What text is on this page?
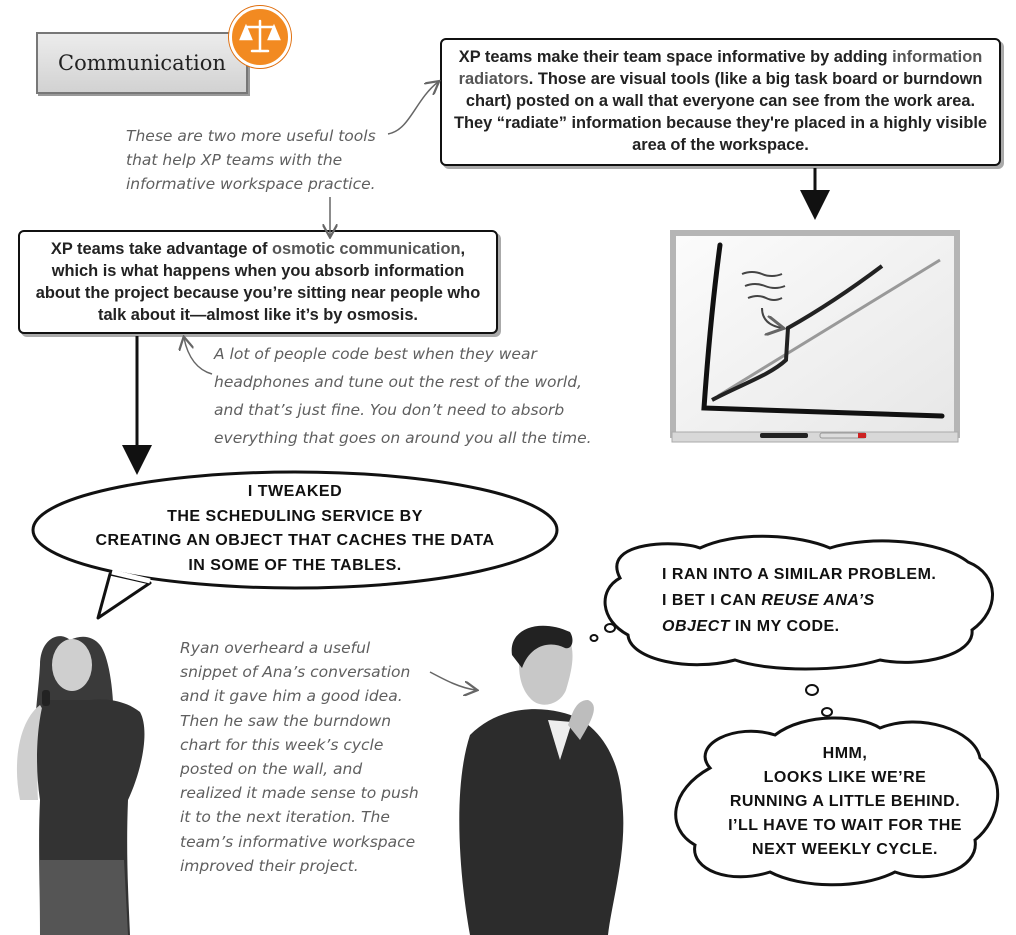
Communication	XP teams make their team space informative by adding information radiators. Those are visual tools (like a big task board or burndown chart) posted on a wall that everyone can see from the work area. They “radiate” information because they're placed in a highly visible area of the workspace.
These are two more useful tools
that help XP teams with the
informative workspace practice.
XP teams take advantage of osmotic communication, which is what happens when you absorb information about the project because you’re sitting near people who talk about it—almost like it’s by osmosis.
A lot of people code best when they wear
headphones and tune out the rest of the world,
and that’s just fine. You don’t need to absorb
everything that goes on around you all the time.
I TWEAKED
THE SCHEDULING SERVICE BY
CREATING AN OBJECT THAT CACHES THE DATA
IN SOME OF THE TABLES.
I RAN INTO A SIMILAR PROBLEM.
I BET I CAN REUSE ANA’S
OBJECT IN MY CODE.
HMM,
LOOKS LIKE WE’RE
RUNNING A LITTLE BEHIND.
I’LL HAVE TO WAIT FOR THE
NEXT WEEKLY CYCLE.
Ryan overheard a useful
snippet of Ana’s conversation
and it gave him a good idea.
Then he saw the burndown
chart for this week’s cycle
posted on the wall, and
realized it made sense to push
it to the next iteration. The
team’s informative workspace
improved their project.
